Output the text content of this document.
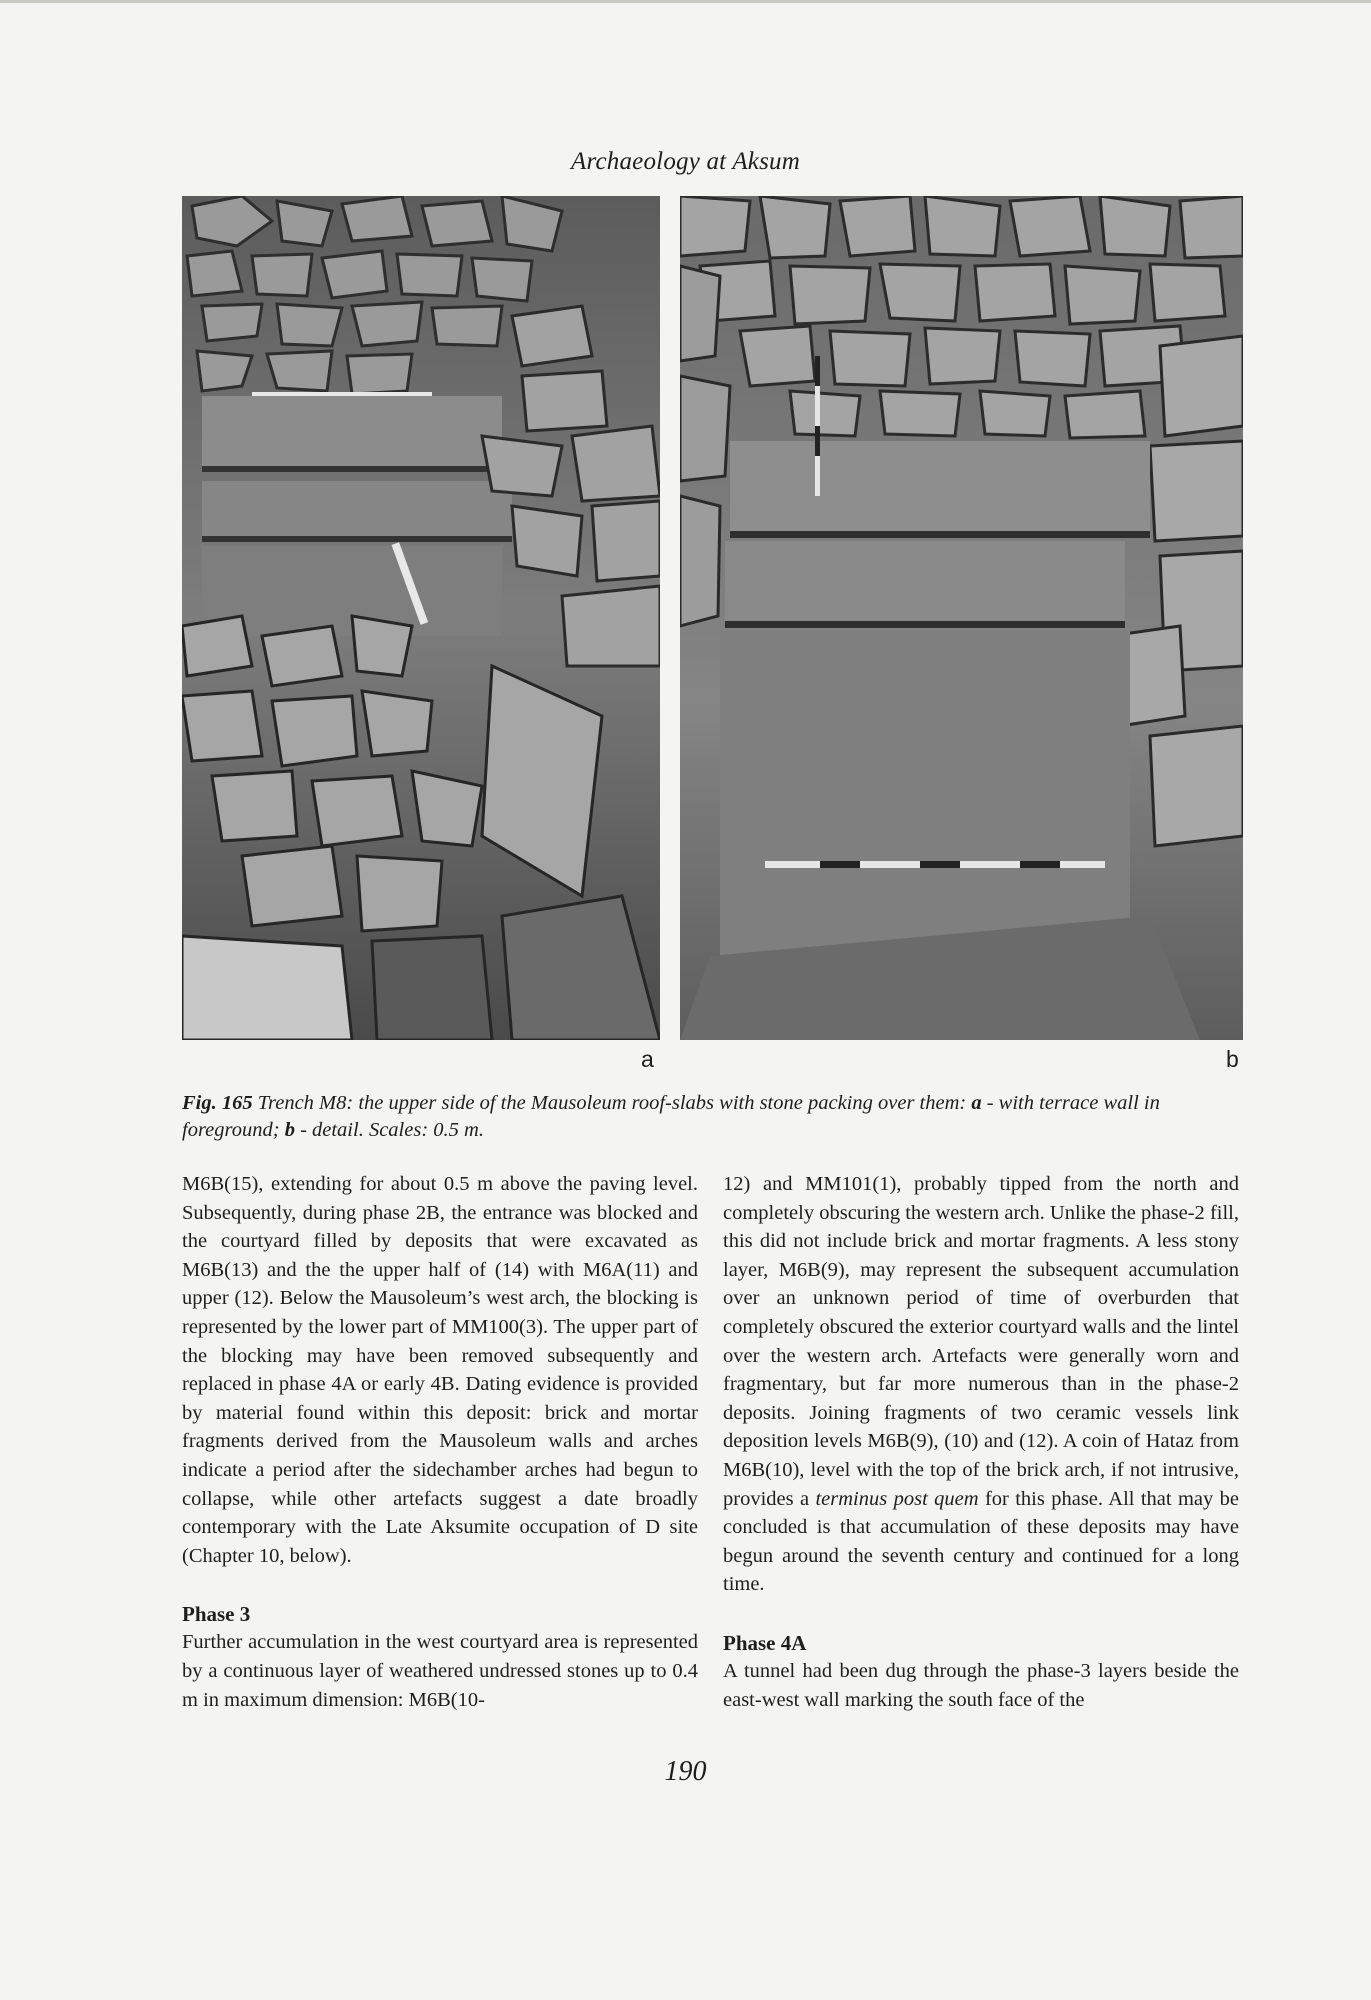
Archaeology at Aksum
a	b
Fig. 165 Trench M8: the upper side of the Mausoleum roof-slabs with stone packing over them: a - with terrace wall in foreground; b - detail. Scales: 0.5 m.

M6B(15), extending for about 0.5 m above the paving level. Subsequently, during phase 2B, the entrance was blocked and the courtyard filled by deposits that were excavated as M6B(13) and the the upper half of (14) with M6A(11) and upper (12). Below the Mausoleum’s west arch, the blocking is represented by the lower part of MM100(3). The upper part of the blocking may have been removed subsequently and replaced in phase 4A or early 4B. Dating evidence is provided by material found within this deposit: brick and mortar fragments derived from the Mausoleum walls and arches indicate a period after the sidechamber arches had begun to collapse, while other artefacts suggest a date broadly contemporary with the Late Aksumite occupation of D site (Chapter 10, below).

Phase 3

Further accumulation in the west courtyard area is represented by a continuous layer of weathered undressed stones up to 0.4 m in maximum dimension: M6B(10-

12) and MM101(1), probably tipped from the north and completely obscuring the western arch. Unlike the phase-2 fill, this did not include brick and mortar fragments. A less stony layer, M6B(9), may represent the subsequent accumulation over an unknown period of time of overburden that completely obscured the exterior courtyard walls and the lintel over the western arch. Artefacts were generally worn and fragmentary, but far more numerous than in the phase-2 deposits. Joining fragments of two ceramic vessels link deposition levels M6B(9), (10) and (12). A coin of Hataz from M6B(10), level with the top of the brick arch, if not intrusive, provides a terminus post quem for this phase. All that may be concluded is that accumulation of these deposits may have begun around the seventh century and continued for a long time.

Phase 4A

A tunnel had been dug through the phase-3 layers beside the east-west wall marking the south face of the

190
